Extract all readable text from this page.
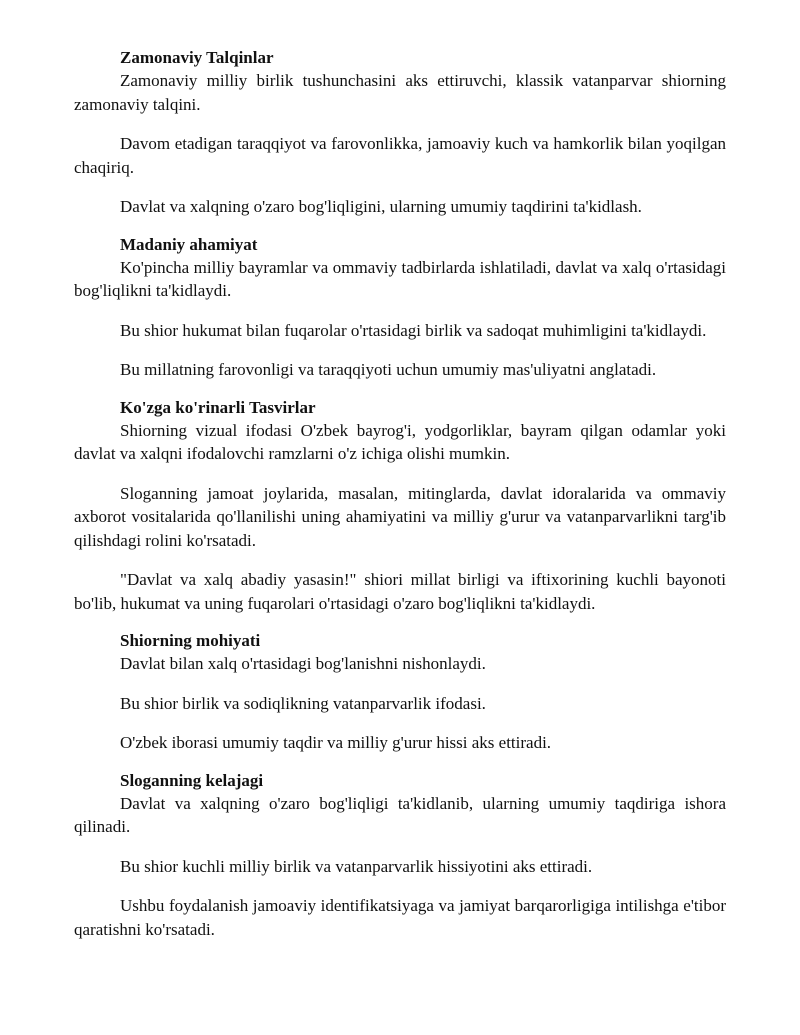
Zamonaviy Talqinlar

Zamonaviy milliy birlik tushunchasini aks ettiruvchi, klassik vatanparvar shiorning zamonaviy talqini.

Davom etadigan taraqqiyot va farovonlikka, jamoaviy kuch va hamkorlik bilan yoqilgan chaqiriq.

Davlat va xalqning o'zaro bog'liqligini, ularning umumiy taqdirini ta'kidlash.

Madaniy ahamiyat

Ko'pincha milliy bayramlar va ommaviy tadbirlarda ishlatiladi, davlat va xalq o'rtasidagi bog'liqlikni ta'kidlaydi.

Bu shior hukumat bilan fuqarolar o'rtasidagi birlik va sadoqat muhimligini ta'kidlaydi.

Bu millatning farovonligi va taraqqiyoti uchun umumiy mas'uliyatni anglatadi.

Ko'zga ko'rinarli Tasvirlar

Shiorning vizual ifodasi O'zbek bayrog'i, yodgorliklar, bayram qilgan odamlar yoki davlat va xalqni ifodalovchi ramzlarni o'z ichiga olishi mumkin.

Sloganning jamoat joylarida, masalan, mitinglarda, davlat idoralarida va ommaviy axborot vositalarida qo'llanilishi uning ahamiyatini va milliy g'urur va vatanparvarlikni targ'ib qilishdagi rolini ko'rsatadi.

"Davlat va xalq abadiy yasasin!" shiori millat birligi va iftixorining kuchli bayonoti bo'lib, hukumat va uning fuqarolari o'rtasidagi o'zaro bog'liqlikni ta'kidlaydi.

Shiorning mohiyati

Davlat bilan xalq o'rtasidagi bog'lanishni nishonlaydi.

Bu shior birlik va sodiqlikning vatanparvarlik ifodasi.

O'zbek iborasi umumiy taqdir va milliy g'urur hissi aks ettiradi.

Sloganning kelajagi

Davlat va xalqning o'zaro bog'liqligi ta'kidlanib, ularning umumiy taqdiriga ishora qilinadi.

Bu shior kuchli milliy birlik va vatanparvarlik hissiyotini aks ettiradi.

Ushbu foydalanish jamoaviy identifikatsiyaga va jamiyat barqarorligiga intilishga e'tibor qaratishni ko'rsatadi.
